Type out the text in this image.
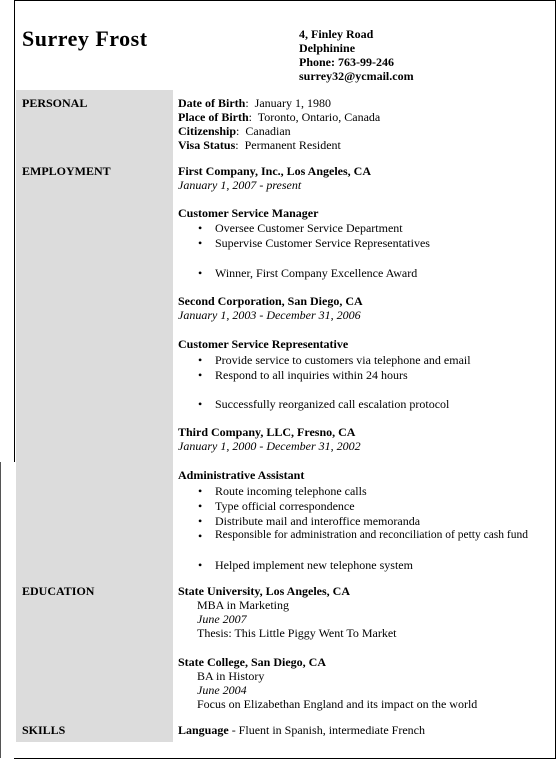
Surrey Frost	4, Finley Road
Delphinine
Phone: 763-99-246
surrey32@ycmail.com
PERSONAL	Date of Birth:  January 1, 1980
Place of Birth:  Toronto, Ontario, Canada
Citizenship:  Canadian
Visa Status:  Permanent Resident
EMPLOYMENT	First Company, Inc., Los Angeles, CA
January 1, 2007 - present
Customer Service Manager
• Oversee Customer Service Department
• Supervise Customer Service Representatives
• Winner, First Company Excellence Award
Second Corporation, San Diego, CA
January 1, 2003 - December 31, 2006
Customer Service Representative
• Provide service to customers via telephone and email
• Respond to all inquiries within 24 hours
• Successfully reorganized call escalation protocol
Third Company, LLC, Fresno, CA
January 1, 2000 - December 31, 2002
Administrative Assistant
• Route incoming telephone calls
• Type official correspondence
• Distribute mail and interoffice memoranda
• Responsible for administration and reconciliation of petty cash fund
• Helped implement new telephone system
EDUCATION	State University, Los Angeles, CA
MBA in Marketing
June 2007
Thesis: This Little Piggy Went To Market
State College, San Diego, CA
BA in History
June 2004
Focus on Elizabethan England and its impact on the world
SKILLS	Language - Fluent in Spanish, intermediate French
